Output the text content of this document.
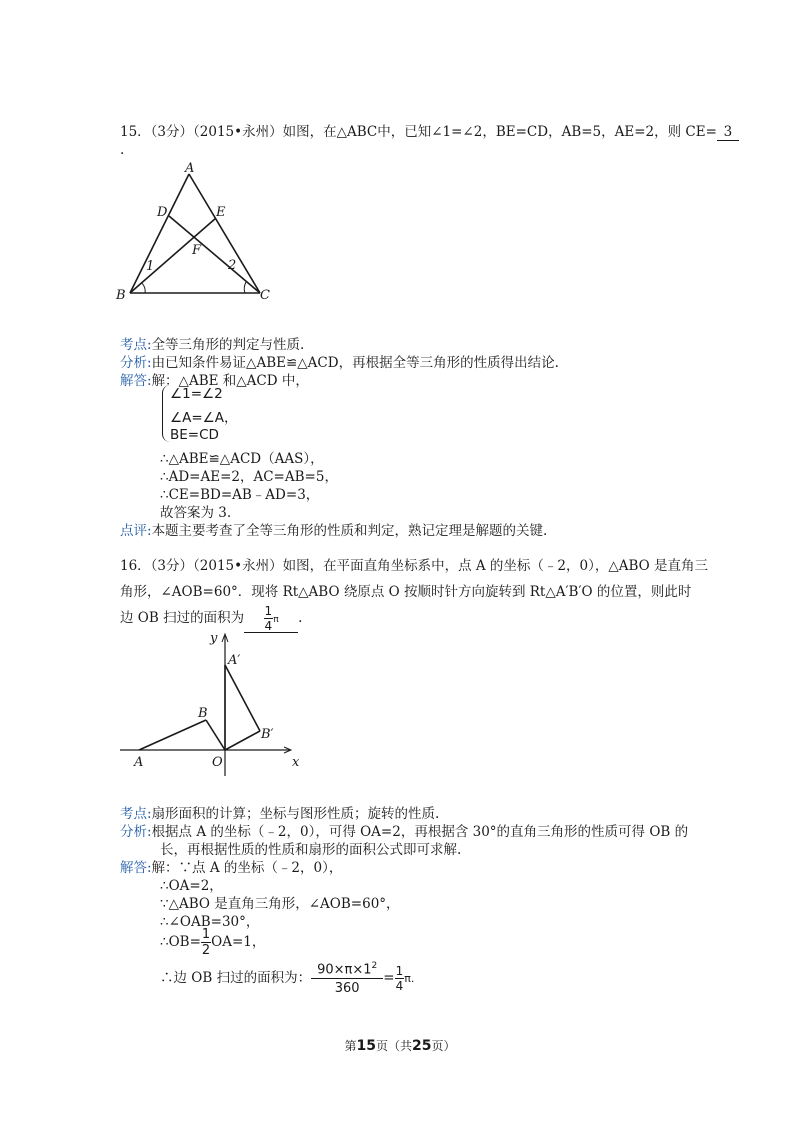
15．（3分）（2015•永州）如图，在△ABC中，已知∠1=∠2，BE=CD，AB=5，AE=2，则 CE= 3
.
A
B	C
D	E
F
1	2
考点:全等三角形的判定与性质.
分析:由已知条件易证△ABE≌△ACD，再根据全等三角形的性质得出结论.
解答:解：△ABE 和△ACD 中，
∠1=∠2
∠A=∠A，
BE=CD
∴△ABE≌△ACD（AAS），
∴AD=AE=2，AC=AB=5，
∴CE=BD=AB﹣AD=3，
故答案为 3.
点评:本题主要考查了全等三角形的性质和判定，熟记定理是解题的关键.
16．（3分）（2015•永州）如图，在平面直角坐标系中，点 A 的坐标（﹣2，0），△ABO 是直角三
角形，∠AOB=60°．现将 Rt△ABO 绕原点 O 按顺时针方向旋转到 Rt△A′B′O 的位置，则此时
边 OB 扫过的面积为 $\frac{1}{4}$ π .
y
x
A
B
O
A′
B′
考点:扇形面积的计算；坐标与图形性质；旋转的性质.
分析:根据点 A 的坐标（﹣2，0），可得 OA=2，再根据含 30°的直角三角形的性质可得 OB 的
长，再根据性质的性质和扇形的面积公式即可求解.
解答:解：∵点 A 的坐标（﹣2，0），
∴OA=2，
∵△ABO 是直角三角形，∠AOB=60°，
∴∠OAB=30°，
∴OB= $\frac{1}{2} OA=1$，
∴边 OB 扫过的面积为： $\frac{90\times\pi\times 1^2}{360} = \frac{1}{4} \pi$.
第15页（共25页）
